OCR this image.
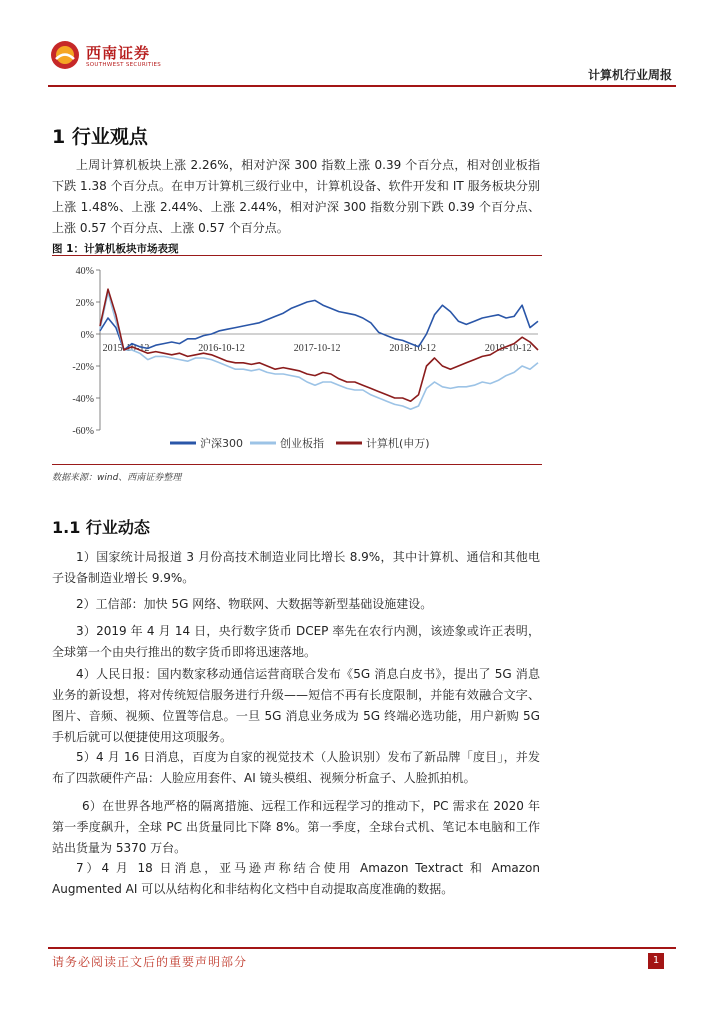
西南证券
SOUTHWEST SECURITIES
计算机行业周报
1 行业观点
上周计算机板块上涨 2.26%，相对沪深 300 指数上涨 0.39 个百分点，相对创业板指下跌 1.38 个百分点。在申万计算机三级行业中，计算机设备、软件开发和 IT 服务板块分别上涨 1.48%、上涨 2.44%、上涨 2.44%，相对沪深 300 指数分别下跌 0.39 个百分点、上涨 0.57 个百分点、上涨 0.57 个百分点。
图 1：计算机板块市场表现
40%
20%
0%
-20%
-40%
-60%
2015-10-12	2016-10-12	2017-10-12	2018-10-12	2019-10-12
沪深300	创业板指	计算机(申万)
数据来源：wind、西南证券整理
1.1 行业动态
1）国家统计局报道 3 月份高技术制造业同比增长 8.9%，其中计算机、通信和其他电子设备制造业增长 9.9%。
2）工信部：加快 5G 网络、物联网、大数据等新型基础设施建设。
3）2019 年 4 月 14 日，央行数字货币 DCEP 率先在农行内测，该迹象或许正表明，全球第一个由央行推出的数字货币即将迅速落地。
4）人民日报：国内数家移动通信运营商联合发布《5G 消息白皮书》，提出了 5G 消息业务的新设想，将对传统短信服务进行升级——短信不再有长度限制，并能有效融合文字、图片、音频、视频、位置等信息。一旦 5G 消息业务成为 5G 终端必选功能，用户新购 5G 手机后就可以便捷使用这项服务。
5）4 月 16 日消息，百度为自家的视觉技术（人脸识别）发布了新品牌「度目」，并发布了四款硬件产品：人脸应用套件、AI 镜头模组、视频分析盒子、人脸抓拍机。
6）在世界各地严格的隔离措施、远程工作和远程学习的推动下，PC 需求在 2020 年第一季度飙升，全球 PC 出货量同比下降 8%。第一季度，全球台式机、笔记本电脑和工作站出货量为 5370 万台。
7）4 月 18 日消息，亚马逊声称结合使用 Amazon Textract 和 Amazon Augmented AI 可以从结构化和非结构化文档中自动提取高度准确的数据。
请务必阅读正文后的重要声明部分	1
